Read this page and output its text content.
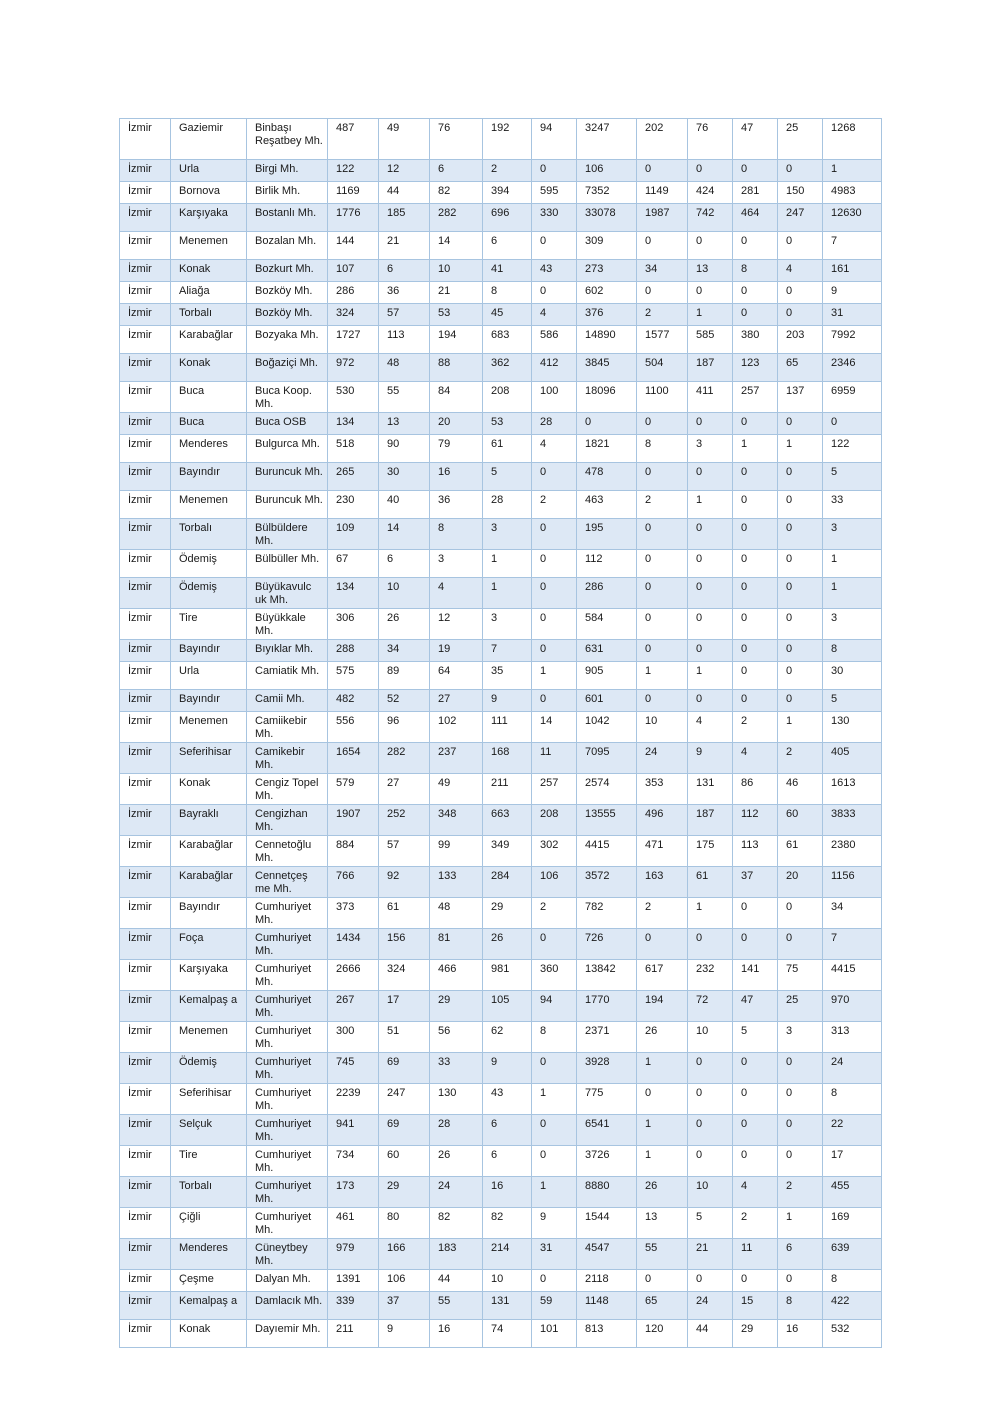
İzmir	Gaziemir	Binbaşı Reşatbey Mh.	487	49	76	192	94	3247	202	76	47	25	1268
İzmir	Urla	Birgi Mh.	122	12	6	2	0	106	0	0	0	0	1
İzmir	Bornova	Birlik Mh.	1169	44	82	394	595	7352	1149	424	281	150	4983
İzmir	Karşıyaka	Bostanlı Mh.	1776	185	282	696	330	33078	1987	742	464	247	12630
İzmir	Menemen	Bozalan Mh.	144	21	14	6	0	309	0	0	0	0	7
İzmir	Konak	Bozkurt Mh.	107	6	10	41	43	273	34	13	8	4	161
İzmir	Aliağa	Bozköy Mh.	286	36	21	8	0	602	0	0	0	0	9
İzmir	Torbalı	Bozköy Mh.	324	57	53	45	4	376	2	1	0	0	31
İzmir	Karabağlar	Bozyaka Mh.	1727	113	194	683	586	14890	1577	585	380	203	7992
İzmir	Konak	Boğaziçi Mh.	972	48	88	362	412	3845	504	187	123	65	2346
İzmir	Buca	Buca Koop. Mh.	530	55	84	208	100	18096	1100	411	257	137	6959
İzmir	Buca	Buca OSB	134	13	20	53	28	0	0	0	0	0	0
İzmir	Menderes	Bulgurca Mh.	518	90	79	61	4	1821	8	3	1	1	122
İzmir	Bayındır	Buruncuk Mh.	265	30	16	5	0	478	0	0	0	0	5
İzmir	Menemen	Buruncuk Mh.	230	40	36	28	2	463	2	1	0	0	33
İzmir	Torbalı	Bülbüldere Mh.	109	14	8	3	0	195	0	0	0	0	3
İzmir	Ödemiş	Bülbüller Mh.	67	6	3	1	0	112	0	0	0	0	1
İzmir	Ödemiş	Büyükavulc uk Mh.	134	10	4	1	0	286	0	0	0	0	1
İzmir	Tire	Büyükkale Mh.	306	26	12	3	0	584	0	0	0	0	3
İzmir	Bayındır	Bıyıklar Mh.	288	34	19	7	0	631	0	0	0	0	8
İzmir	Urla	Camiatik Mh.	575	89	64	35	1	905	1	1	0	0	30
İzmir	Bayındır	Camii Mh.	482	52	27	9	0	601	0	0	0	0	5
İzmir	Menemen	Camiikebir Mh.	556	96	102	111	14	1042	10	4	2	1	130
İzmir	Seferihisar	Camikebir Mh.	1654	282	237	168	11	7095	24	9	4	2	405
İzmir	Konak	Cengiz Topel Mh.	579	27	49	211	257	2574	353	131	86	46	1613
İzmir	Bayraklı	Cengizhan Mh.	1907	252	348	663	208	13555	496	187	112	60	3833
İzmir	Karabağlar	Cennetoğlu Mh.	884	57	99	349	302	4415	471	175	113	61	2380
İzmir	Karabağlar	Cennetçeş me Mh.	766	92	133	284	106	3572	163	61	37	20	1156
İzmir	Bayındır	Cumhuriyet Mh.	373	61	48	29	2	782	2	1	0	0	34
İzmir	Foça	Cumhuriyet Mh.	1434	156	81	26	0	726	0	0	0	0	7
İzmir	Karşıyaka	Cumhuriyet Mh.	2666	324	466	981	360	13842	617	232	141	75	4415
İzmir	Kemalpaş a	Cumhuriyet Mh.	267	17	29	105	94	1770	194	72	47	25	970
İzmir	Menemen	Cumhuriyet Mh.	300	51	56	62	8	2371	26	10	5	3	313
İzmir	Ödemiş	Cumhuriyet Mh.	745	69	33	9	0	3928	1	0	0	0	24
İzmir	Seferihisar	Cumhuriyet Mh.	2239	247	130	43	1	775	0	0	0	0	8
İzmir	Selçuk	Cumhuriyet Mh.	941	69	28	6	0	6541	1	0	0	0	22
İzmir	Tire	Cumhuriyet Mh.	734	60	26	6	0	3726	1	0	0	0	17
İzmir	Torbalı	Cumhuriyet Mh.	173	29	24	16	1	8880	26	10	4	2	455
İzmir	Çiğli	Cumhuriyet Mh.	461	80	82	82	9	1544	13	5	2	1	169
İzmir	Menderes	Cüneytbey Mh.	979	166	183	214	31	4547	55	21	11	6	639
İzmir	Çeşme	Dalyan Mh.	1391	106	44	10	0	2118	0	0	0	0	8
İzmir	Kemalpaş a	Damlacık Mh.	339	37	55	131	59	1148	65	24	15	8	422
İzmir	Konak	Dayıemir Mh.	211	9	16	74	101	813	120	44	29	16	532
